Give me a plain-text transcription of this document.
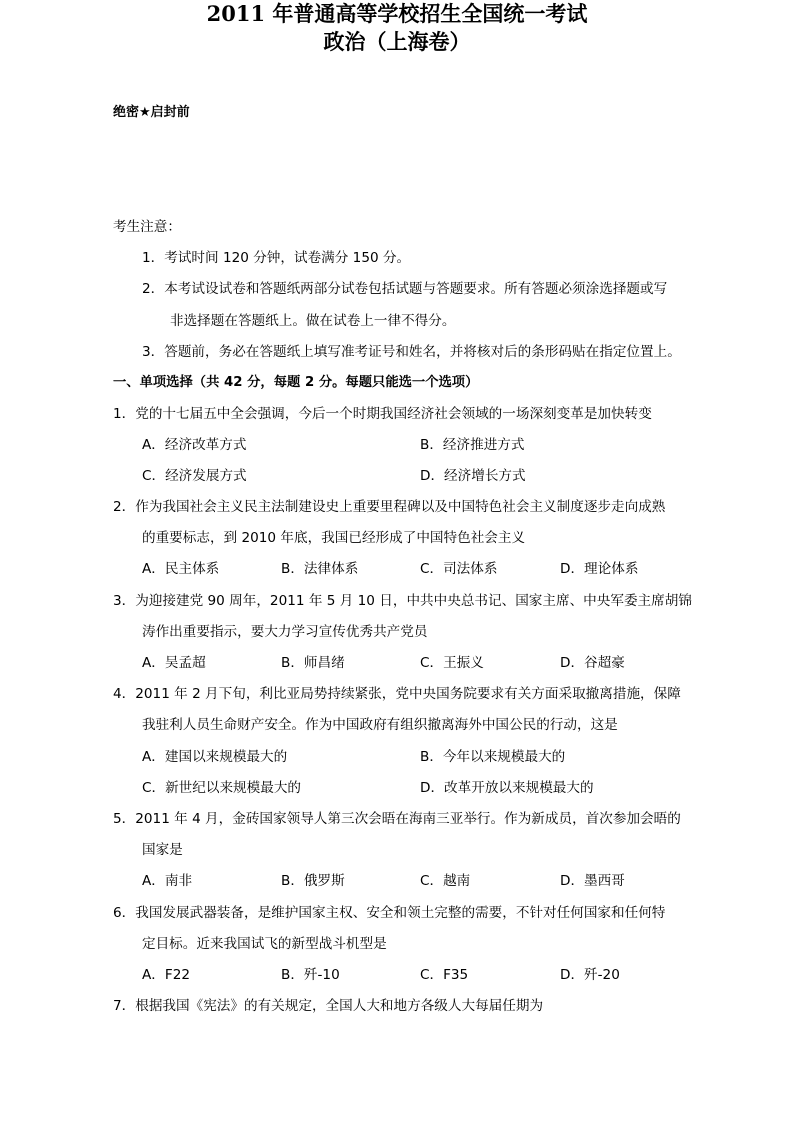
绝密★启封前
2011 年普通高等学校招生全国统一考试
政治（上海卷）
考生注意：
1．考试时间 120 分钟，试卷满分 150 分。
2．本考试设试卷和答题纸两部分试卷包括试题与答题要求。所有答题必须涂选择题或写
非选择题在答题纸上。做在试卷上一律不得分。
3．答题前，务必在答题纸上填写准考证号和姓名，并将核对后的条形码贴在指定位置上。
一、单项选择（共 42 分，每题 2 分。每题只能选一个选项）
1．党的十七届五中全会强调，今后一个时期我国经济社会领域的一场深刻变革是加快转变
A．经济改革方式	B．经济推进方式
C．经济发展方式	D．经济增长方式
2．作为我国社会主义民主法制建设史上重要里程碑以及中国特色社会主义制度逐步走向成熟
的重要标志，到 2010 年底，我国已经形成了中国特色社会主义
A．民主体系	B．法律体系	C．司法体系	D．理论体系
3．为迎接建党 90 周年，2011 年 5 月 10 日，中共中央总书记、国家主席、中央军委主席胡锦
涛作出重要指示，要大力学习宣传优秀共产党员
A．吴孟超	B．师昌绪	C．王振义	D．谷超豪
4．2011 年 2 月下旬，利比亚局势持续紧张，党中央国务院要求有关方面采取撤离措施，保障
我驻利人员生命财产安全。作为中国政府有组织撤离海外中国公民的行动，这是
A．建国以来规模最大的	B．今年以来规模最大的
C．新世纪以来规模最大的	D．改革开放以来规模最大的
5．2011 年 4 月，金砖国家领导人第三次会晤在海南三亚举行。作为新成员，首次参加会晤的
国家是
A．南非	B．俄罗斯	C．越南	D．墨西哥
6．我国发展武器装备，是维护国家主权、安全和领土完整的需要，不针对任何国家和任何特
定目标。近来我国试飞的新型战斗机型是
A．F22	B．歼-10	C．F35	D．歼-20
7．根据我国《宪法》的有关规定，全国人大和地方各级人大每届任期为
